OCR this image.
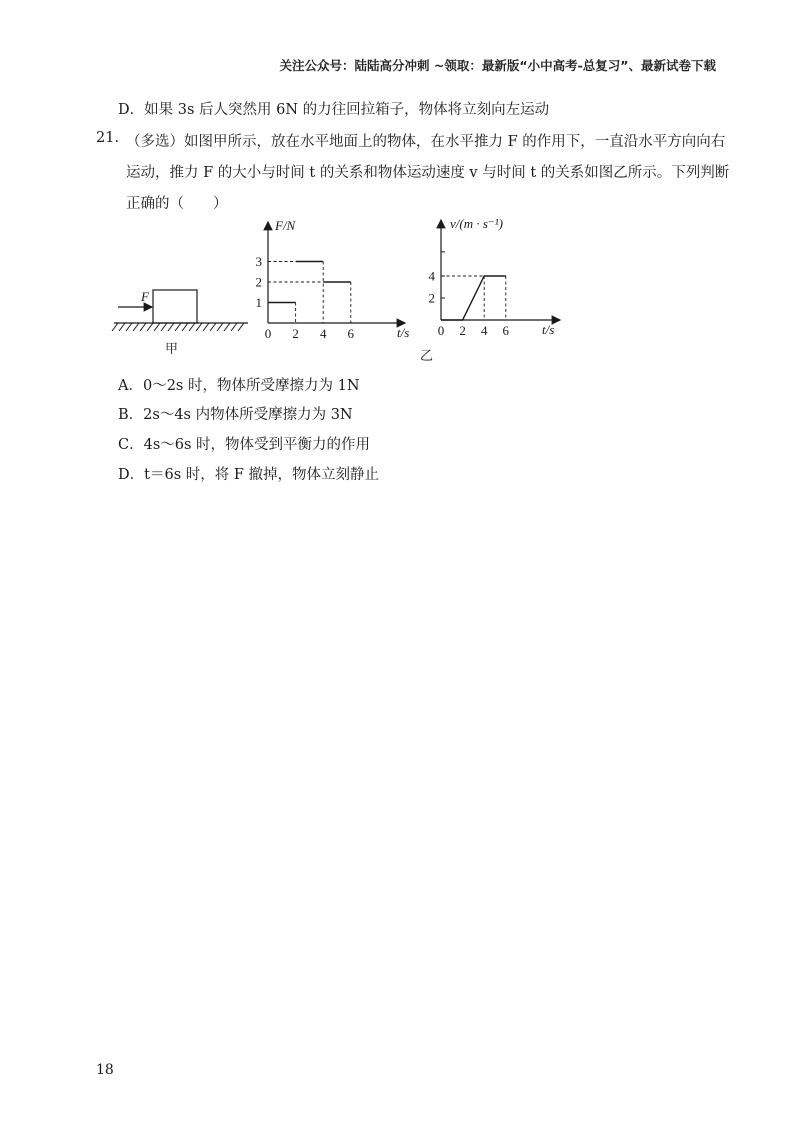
关注公众号：陆陆高分冲刺 ~领取：最新版“小中高考-总复习”、最新试卷下载
D．如果 3s 后人突然用 6N 的力往回拉箱子，物体将立刻向左运动
21. （多选）如图甲所示，放在水平地面上的物体，在水平推力 F 的作用下，一直沿水平方向向右
运动，推力 F 的大小与时间 t 的关系和物体运动速度 v 与时间 t 的关系如图乙所示。下列判断
正确的（　　）
F
甲
F/N
t/s
0 2 4 6
1
2
3
v/(m · s⁻¹)
t/s
乙
0 2 4 6
2
4
A．0～2s 时，物体所受摩擦力为 1N
B．2s～4s 内物体所受摩擦力为 3N
C．4s～6s 时，物体受到平衡力的作用
D．t＝6s 时，将 F 撤掉，物体立刻静止
18
